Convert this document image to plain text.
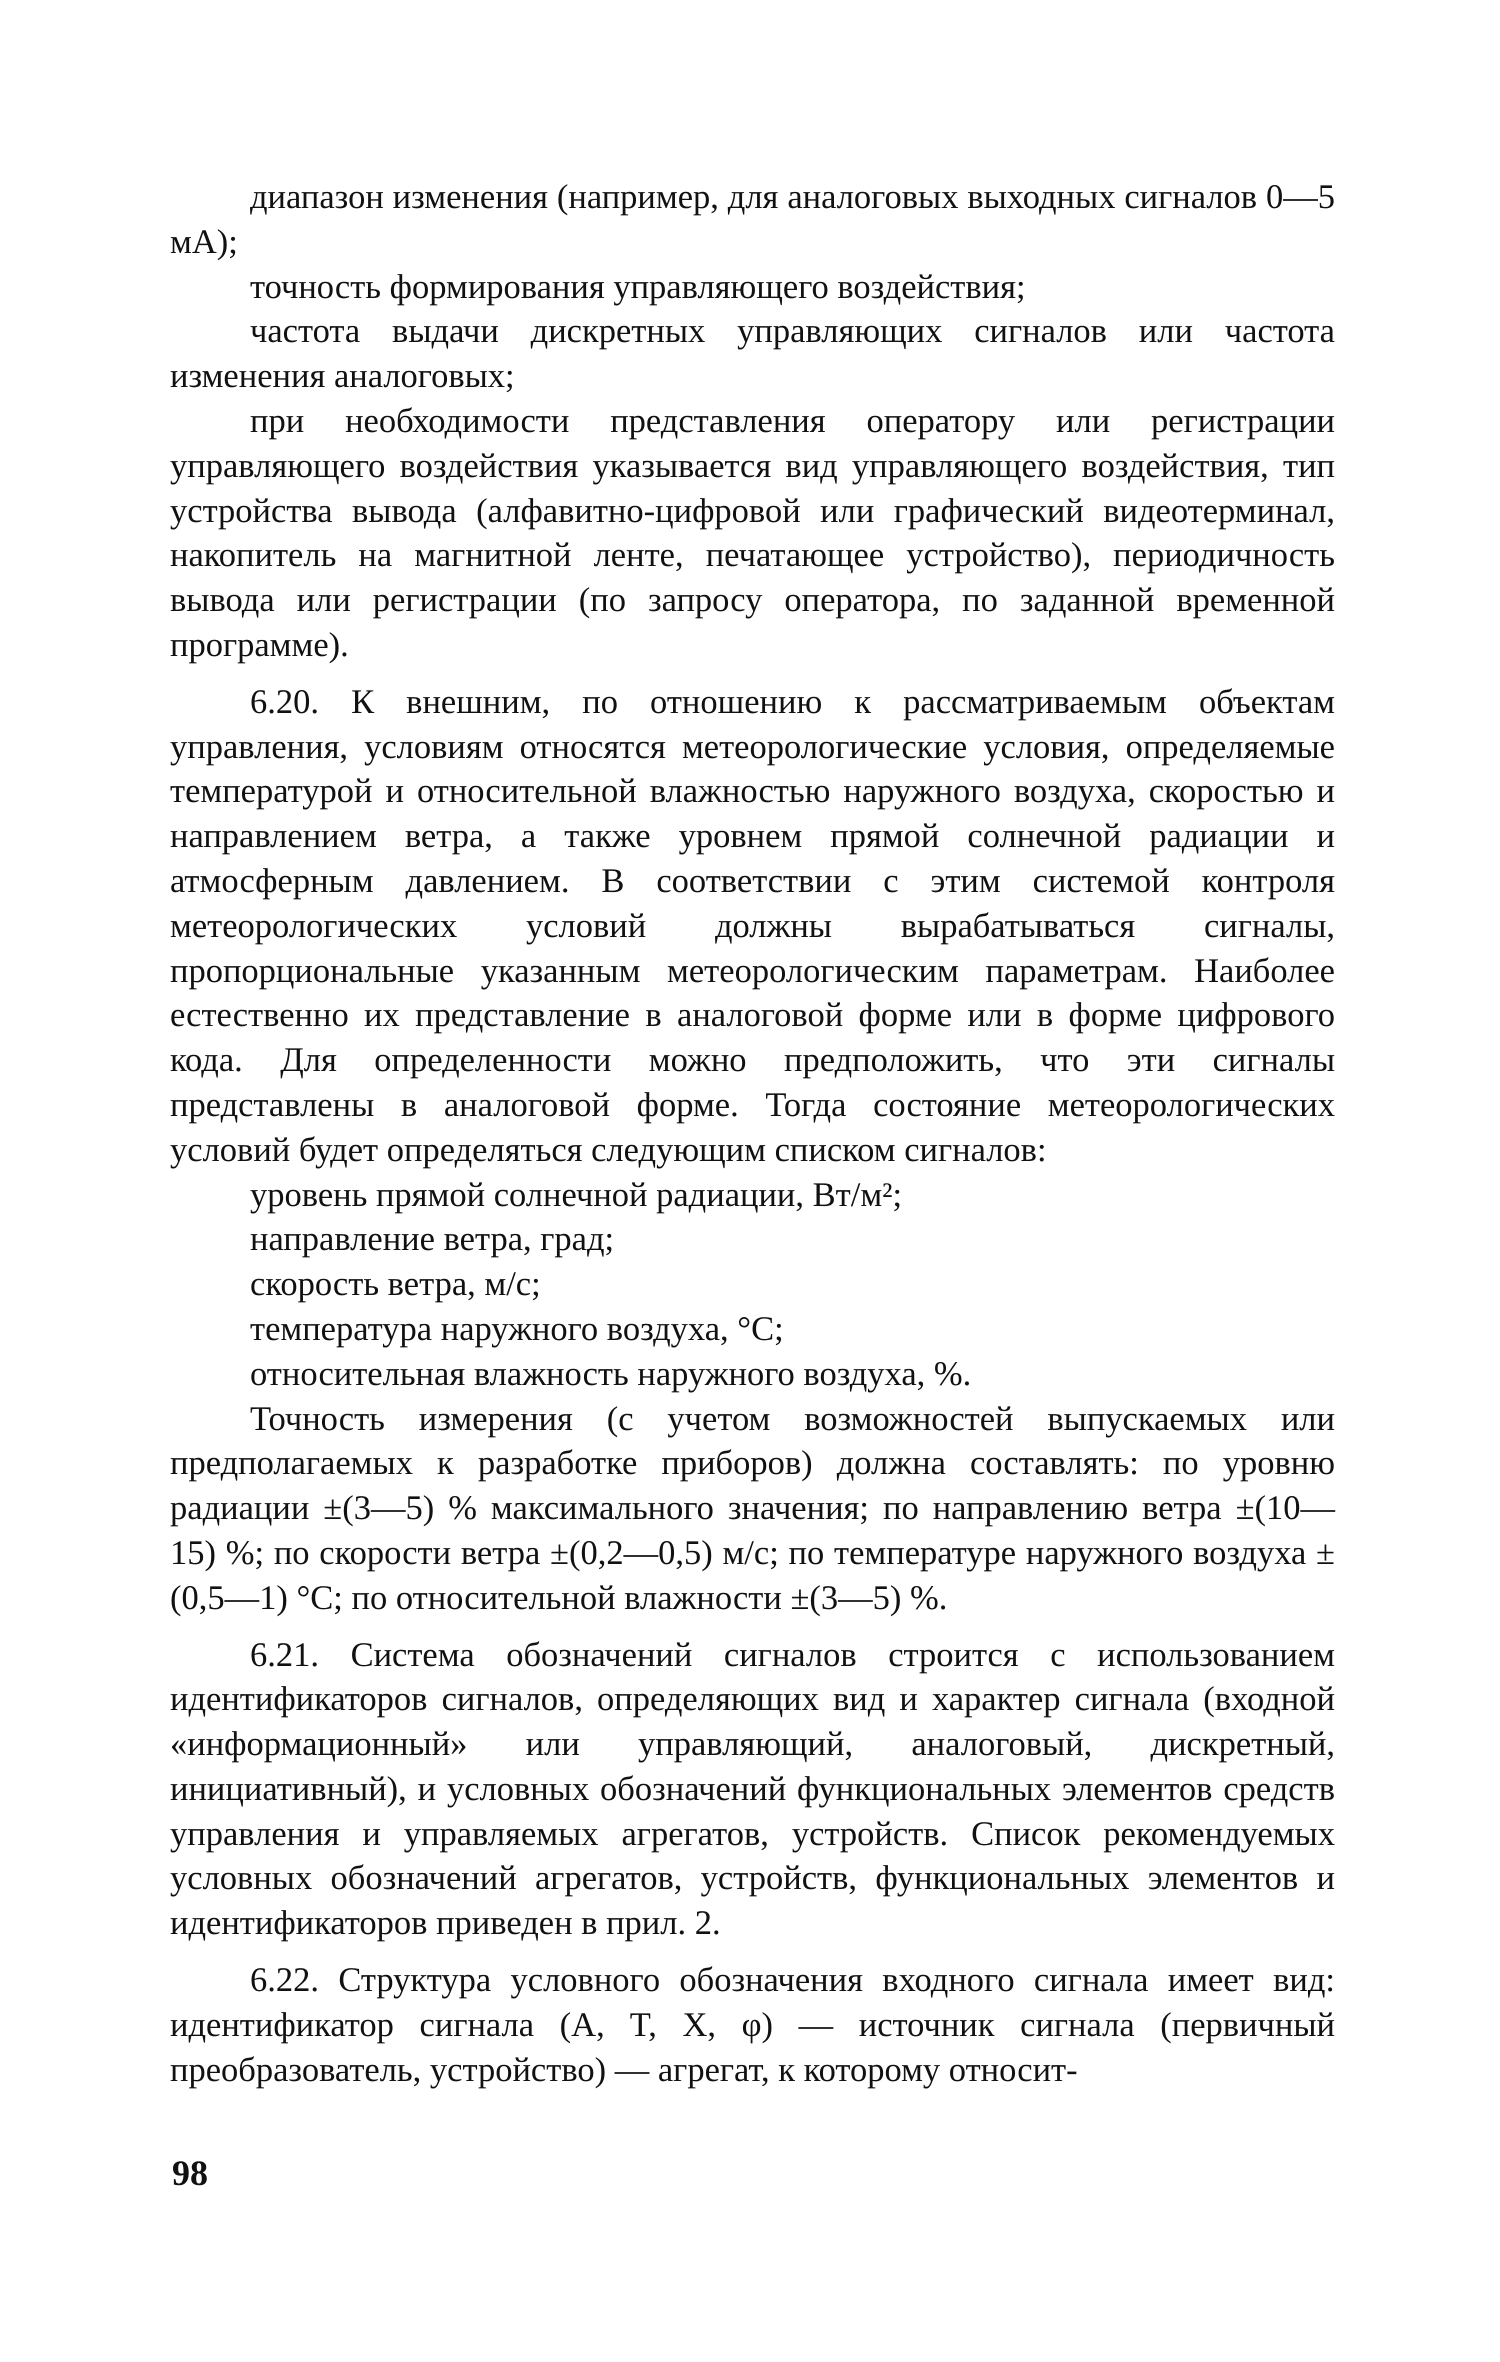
диапазон изменения (например, для аналоговых выходных сигналов 0—5 мА);

точность формирования управляющего воздействия;

частота выдачи дискретных управляющих сигналов или частота изменения аналоговых;

при необходимости представления оператору или регистрации управляющего воздействия указывается вид управляющего воздействия, тип устройства вывода (алфавитно-цифровой или графический видеотерминал, накопитель на магнитной ленте, печатающее устройство), периодичность вывода или регистрации (по запросу оператора, по заданной временной программе).

6.20. К внешним, по отношению к рассматриваемым объектам управления, условиям относятся метеорологические условия, определяемые температурой и относительной влажностью наружного воздуха, скоростью и направлением ветра, а также уровнем прямой солнечной радиации и атмосферным давлением. В соответствии с этим системой контроля метеорологических условий должны вырабатываться сигналы, пропорциональные указанным метеорологическим параметрам. Наиболее естественно их представление в аналоговой форме или в форме цифрового кода. Для определенности можно предположить, что эти сигналы представлены в аналоговой форме. Тогда состояние метеорологических условий будет определяться следующим списком сигналов:

уровень прямой солнечной радиации, Вт/м²;

направление ветра, град;

скорость ветра, м/с;

температура наружного воздуха, °С;

относительная влажность наружного воздуха, %.

Точность измерения (с учетом возможностей выпускаемых или предполагаемых к разработке приборов) должна составлять: по уровню радиации ±(3—5) % максимального значения; по направлению ветра ±(10—15) %; по скорости ветра ±(0,2—0,5) м/с; по температуре наружного воздуха ±(0,5—1) °С; по относительной влажности ±(3—5) %.

6.21. Система обозначений сигналов строится с использованием идентификаторов сигналов, определяющих вид и характер сигнала (входной «информационный» или управляющий, аналоговый, дискретный, инициативный), и условных обозначений функциональных элементов средств управления и управляемых агрегатов, устройств. Список рекомендуемых условных обозначений агрегатов, устройств, функциональных элементов и идентификаторов приведен в прил. 2.

6.22. Структура условного обозначения входного сигнала имеет вид: идентификатор сигнала (A, T, X, φ) — источник сигнала (первичный преобразователь, устройство) — агрегат, к которому относит-

98
